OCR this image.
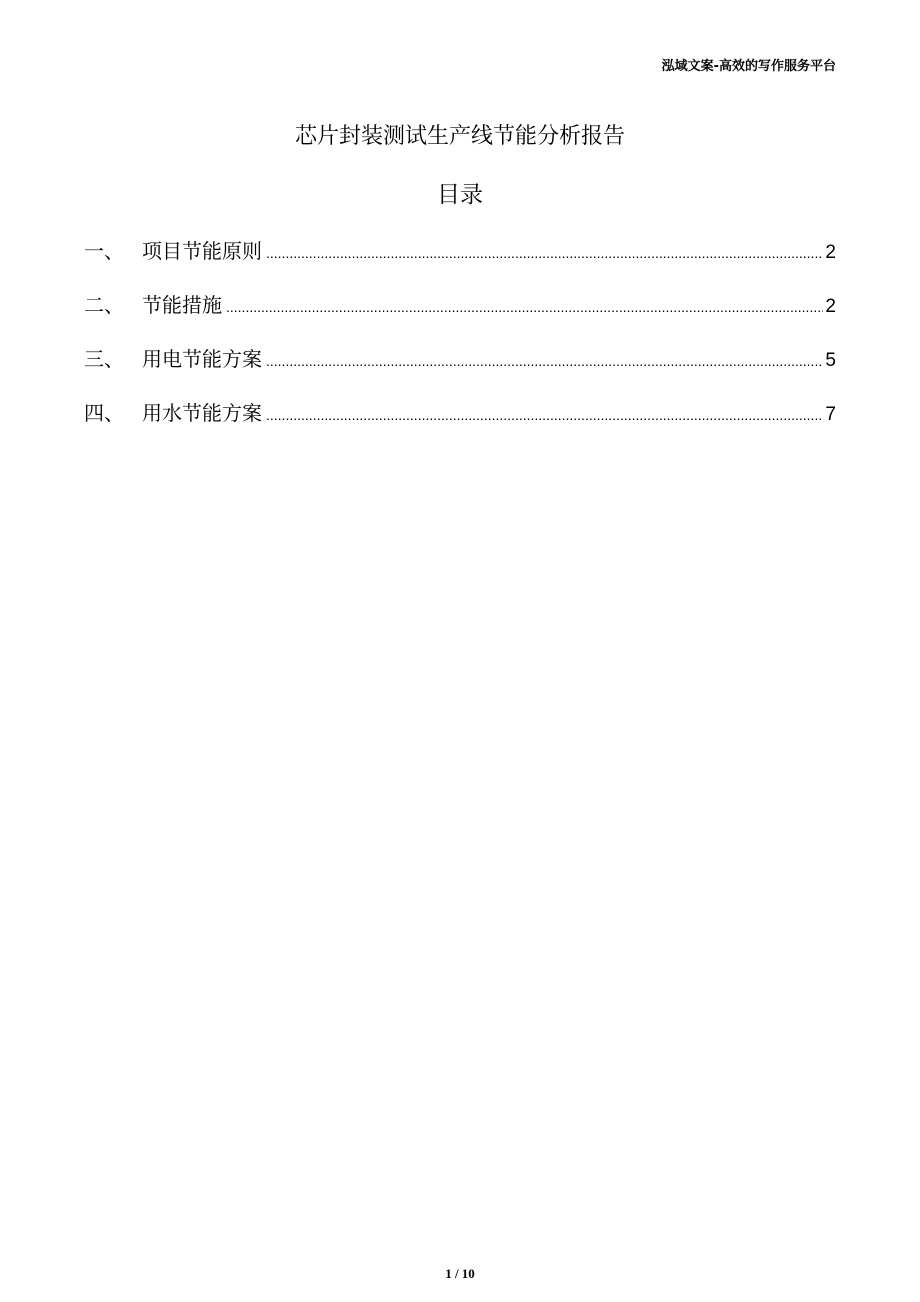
泓域文案-高效的写作服务平台
芯片封装测试生产线节能分析报告
目录
一、 项目节能原则 .....	2
二、 节能措施 .....	2
三、 用电节能方案 .....	5
四、 用水节能方案 .....	7
1 / 10
